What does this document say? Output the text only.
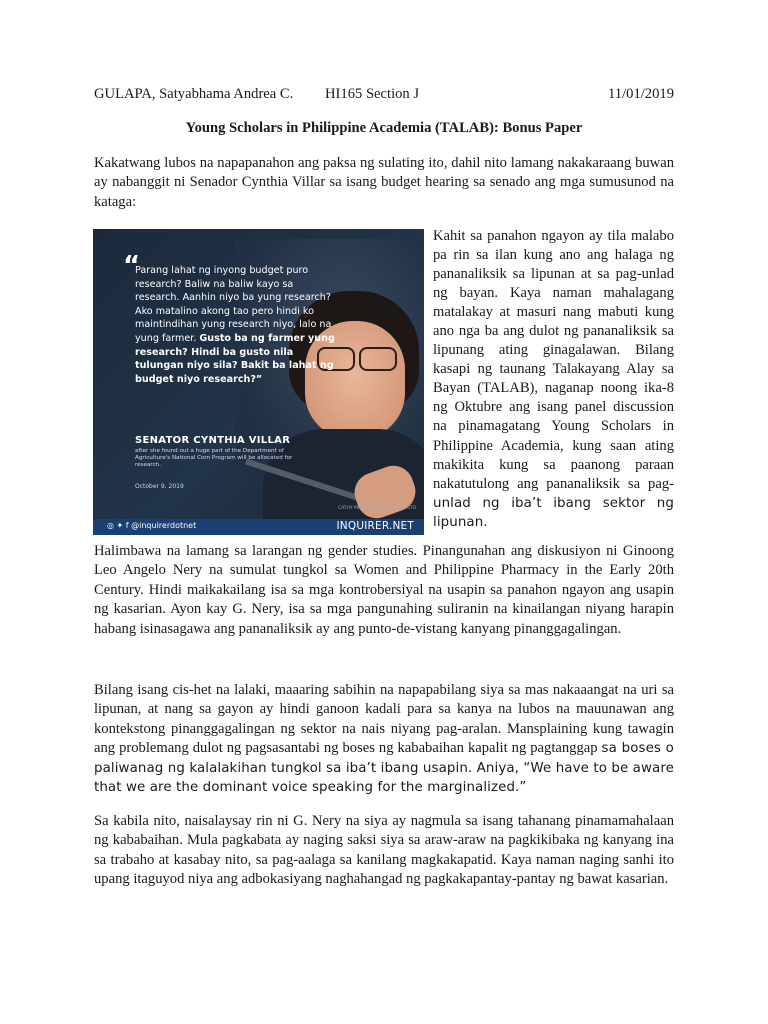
GULAPA, Satyabhama Andrea C. HI165 Section J	11/01/2019
Young Scholars in Philippine Academia (TALAB): Bonus Paper

Kakatwang lubos na napapanahon ang paksa ng sulating ito, dahil nito lamang nakakaraang buwan ay nabanggit ni Senador Cynthia Villar sa isang budget hearing sa senado ang mga sumusunod na kataga:

“
Parang lahat ng inyong budget puro research? Baliw na baliw kayo sa research. Aanhin niyo ba yung research? Ako matalino akong tao pero hindi ko maintindihan yung research niyo, lalo na yung farmer. Gusto ba ng farmer yung research? Hindi ba gusto nila tulungan niyo sila? Bakit ba lahat ng budget niyo research?”
SENATOR CYNTHIA VILLAR
after she found out a huge part of the Department of Agriculture's National Corn Program will be allocated for research.
October 9, 2019
CATHY MIRANDA/INQUIRER PHOTO
◎ ✦ f @inquirerdotnet	INQUIRER.NET

Kahit sa panahon ngayon ay tila malabo pa rin sa ilan kung ano ang halaga ng pananaliksik sa lipunan at sa pag-unlad ng bayan. Kaya naman mahalagang matalakay at masuri nang mabuti kung ano nga ba ang dulot ng pananaliksik sa lipunang ating ginagalawan. Bilang kasapi ng taunang Talakayang Alay sa Bayan (TALAB), naganap noong ika-8 ng Oktubre ang isang panel discussion na pinamagatang Young Scholars in Philippine Academia, kung saan ating makikita kung sa paanong paraan nakatutulong ang pananaliksik sa pag-unlad ng iba’t ibang sektor ng lipunan.

Halimbawa na lamang sa larangan ng gender studies. Pinangunahan ang diskusiyon ni Ginoong Leo Angelo Nery na sumulat tungkol sa Women and Philippine Pharmacy in the Early 20th Century. Hindi maikakailang isa sa mga kontrobersiyal na usapin sa panahon ngayon ang usapin ng kasarian. Ayon kay G. Nery, isa sa mga pangunahing suliranin na kinailangan niyang harapin habang isinasagawa ang pananaliksik ay ang punto-de-vistang kanyang pinanggagalingan.

Bilang isang cis-het na lalaki, maaaring sabihin na napapabilang siya sa mas nakaaangat na uri sa lipunan, at nang sa gayon ay hindi ganoon kadali para sa kanya na lubos na mauunawan ang kontekstong pinanggagalingan ng sektor na nais niyang pag-aralan. Mansplaining kung tawagin ang problemang dulot ng pagsasantabi ng boses ng kababaihan kapalit ng pagtanggap sa boses o paliwanag ng kalalakihan tungkol sa iba’t ibang usapin. Aniya, “We have to be aware that we are the dominant voice speaking for the marginalized.”

Sa kabila nito, naisalaysay rin ni G. Nery na siya ay nagmula sa isang tahanang pinamamahalaan ng kababaihan. Mula pagkabata ay naging saksi siya sa araw-araw na pagkikibaka ng kanyang ina sa trabaho at kasabay nito, sa pag-aalaga sa kanilang magkakapatid. Kaya naman naging sanhi ito upang itaguyod niya ang adbokasiyang naghahangad ng pagkakapantay-pantay ng bawat kasarian.
